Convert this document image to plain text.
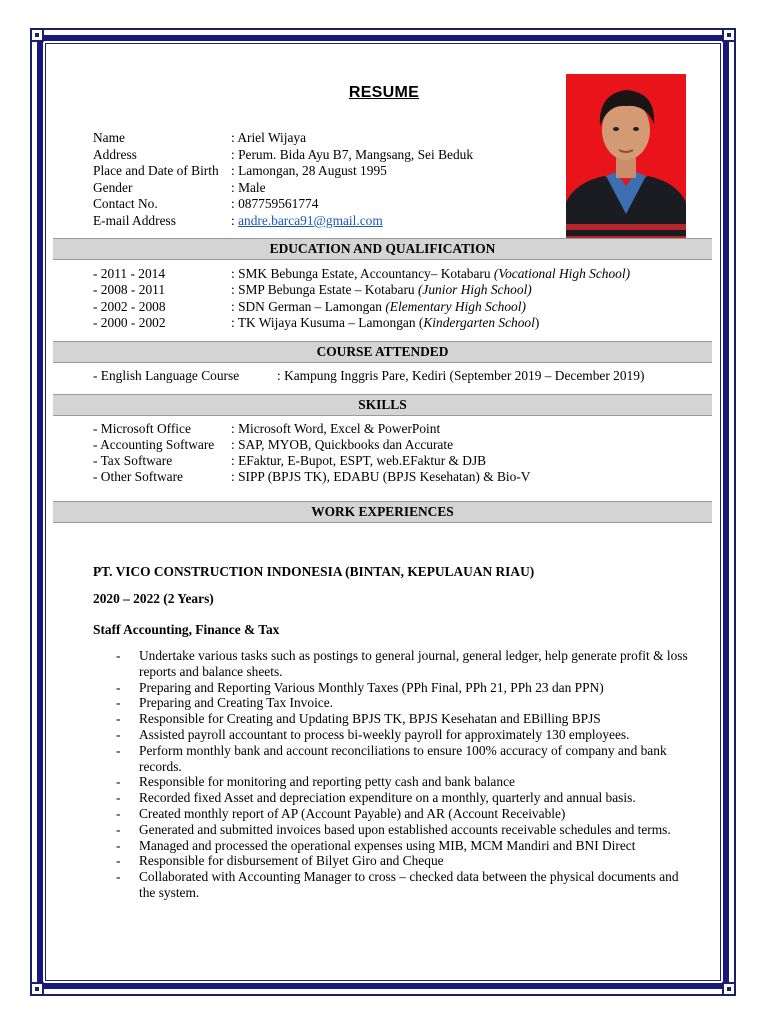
RESUME
Name	: Ariel Wijaya
Address	: Perum. Bida Ayu B7, Mangsang, Sei Beduk
Place and Date of Birth : Lamongan, 28 August 1995
Gender	: Male
Contact No.	: 087759561774
E-mail Address	: andre.barca91@gmail.com
EDUCATION AND QUALIFICATION
- 2011 - 2014	: SMK Bebunga Estate, Accountancy– Kotabaru (Vocational High School)
- 2008 - 2011	: SMP Bebunga Estate – Kotabaru (Junior High School)
- 2002 - 2008	: SDN German – Lamongan (Elementary High School)
- 2000 - 2002	: TK Wijaya Kusuma – Lamongan (Kindergarten School)
COURSE ATTENDED
- English Language Course	: Kampung Inggris Pare, Kediri (September 2019 – December 2019)
SKILLS
- Microsoft Office	: Microsoft Word, Excel & PowerPoint
- Accounting Software : SAP, MYOB, Quickbooks dan Accurate
- Tax Software	: EFaktur, E-Bupot, ESPT, web.EFaktur & DJB
- Other Software	: SIPP (BPJS TK), EDABU (BPJS Kesehatan) & Bio-V
WORK EXPERIENCES
PT. VICO CONSTRUCTION INDONESIA (BINTAN, KEPULAUAN RIAU)
2020 – 2022 (2 Years)
Staff Accounting, Finance & Tax
- Undertake various tasks such as postings to general journal, general ledger, help generate profit & loss reports and balance sheets.
- Preparing and Reporting Various Monthly Taxes (PPh Final, PPh 21, PPh 23 dan PPN)
- Preparing and Creating Tax Invoice.
- Responsible for Creating and Updating BPJS TK, BPJS Kesehatan and EBilling BPJS
- Assisted payroll accountant to process bi-weekly payroll for approximately 130 employees.
- Perform monthly bank and account reconciliations to ensure 100% accuracy of company and bank records.
- Responsible for monitoring and reporting petty cash and bank balance
- Recorded fixed Asset and depreciation expenditure on a monthly, quarterly and annual basis.
- Created monthly report of AP (Account Payable) and AR (Account Receivable)
- Generated and submitted invoices based upon established accounts receivable schedules and terms.
- Managed and processed the operational expenses using MIB, MCM Mandiri and BNI Direct
- Responsible for disbursement of Bilyet Giro and Cheque
- Collaborated with Accounting Manager to cross – checked data between the physical documents and the system.
